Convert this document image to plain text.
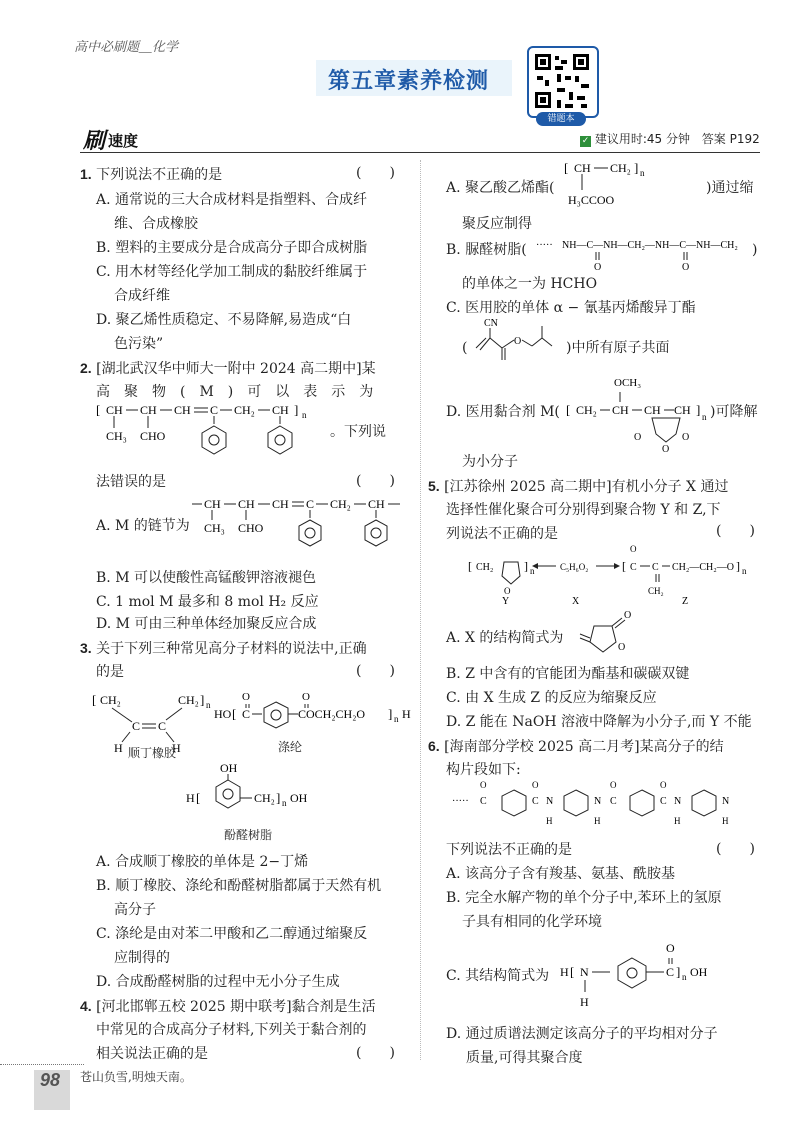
高中必刷题＿化学
第五章素养检测
错题本
刷 速度	✓ 建议用时:45 分钟 答案 P192
1. 下列说法不正确的是	(　　)
A. 通常说的三大合成材料是指塑料、合成纤
维、合成橡胶
B. 塑料的主要成分是合成高分子即合成树脂
C. 用木材等经化学加工制成的黏胶纤维属于
合成纤维
D. 聚乙烯性质稳定、不易降解,易造成“白
色污染”
2. [湖北武汉华中师大一附中 2024 高二期中]某
高　聚　物　(　M　)　可　以　表　示　为
[ CH CH CH C CH₂ CH ] n
CH₃ CHO	。下列说
法错误的是	(　　)
A. M 的链节为
CH CH CH C CH₂ CH
CH₃ CHO
B. M 可以使酸性高锰酸钾溶液褪色
C. 1 mol M 最多和 8 mol H₂ 反应
D. M 可由三种单体经加聚反应合成
3. 关于下列三种常见高分子材料的说法中,正确
的是	(　　)
[ CH₂
C C
CH₂ ] n
H	H
HO [ C
O
COCH₂CH₂O
O
] n H
顺丁橡胶	涤纶
OH
H [	CH₂ ] n OH
酚醛树脂
A. 合成顺丁橡胶的单体是 2−丁烯
B. 顺丁橡胶、涤纶和酚醛树脂都属于天然有机
高分子
C. 涤纶是由对苯二甲酸和乙二醇通过缩聚反
应制得的
D. 合成酚醛树脂的过程中无小分子生成
4. [河北邯郸五校 2025 期中联考]黏合剂是生活
中常见的合成高分子材料,下列关于黏合剂的
相关说法正确的是	(　　)
98 苍山负雪,明烛天南。
A. 聚乙酸乙烯酯(
[ CH CH₂ ] n
H₃CCOO
)通过缩
聚反应制得
B. 脲醛树脂( ····· NH—C—NH—CH₂—NH—C—NH—CH₂
O	O
)
的单体之一为 HCHO
C. 医用胶的单体 α − 氰基丙烯酸异丁酯
CN
O
(	)中所有原子共面
D. 医用黏合剂 M( [ CH₂ CH
OCH₃
CH CH ] n
O	O
O
)可降解
为小分子
5. [江苏徐州 2025 高二期中]有机小分子 X 通过
选择性催化聚合可分别得到聚合物 Y 和 Z,下
列说法不正确的是	(　　)
[ CH₂
O
] n	C₅H₆O₂	[ C
O
C
CH₂
CH₂—CH₂—O ] n
Y	X	Z
A. X 的结构简式为
O
O
B. Z 中含有的官能团为酯基和碳碳双键
C. 由 X 生成 Z 的反应为缩聚反应
D. Z 能在 NaOH 溶液中降解为小分子,而 Y 不能
6. [海南部分学校 2025 高二月考]某高分子的结
构片段如下:
····· C
O
C
O
N
H
N
H
C
O
C
O
N
H
N
H
下列说法不正确的是	(　　)
A. 该高分子含有羧基、氨基、酰胺基
B. 完全水解产物的单个分子中,苯环上的氢原
子具有相同的化学环境
C. 其结构简式为 H [ N
H
C
O
] n OH
D. 通过质谱法测定该高分子的平均相对分子
质量,可得其聚合度
